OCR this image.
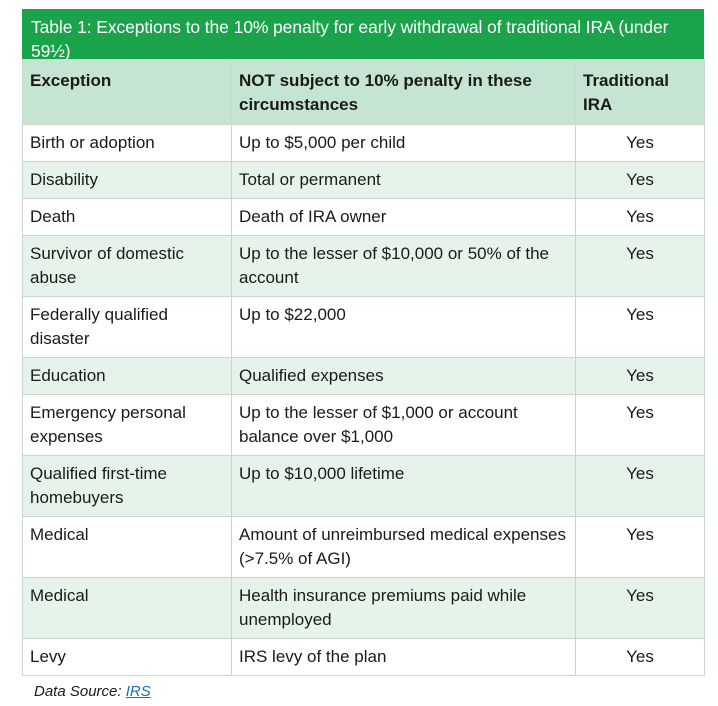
Table 1: Exceptions to the 10% penalty for early withdrawal of traditional IRA (under 59½)
Exception	NOT subject to 10% penalty in these circumstances	Traditional IRA
Birth or adoption	Up to $5,000 per child	Yes
Disability	Total or permanent	Yes
Death	Death of IRA owner	Yes
Survivor of domestic abuse	Up to the lesser of $10,000 or 50% of the account	Yes
Federally qualified disaster	Up to $22,000	Yes
Education	Qualified expenses	Yes
Emergency personal expenses	Up to the lesser of $1,000 or account balance over $1,000	Yes
Qualified first-time homebuyers	Up to $10,000 lifetime	Yes
Medical	Amount of unreimbursed medical expenses (>7.5% of AGI)	Yes
Medical	Health insurance premiums paid while unemployed	Yes
Levy	IRS levy of the plan	Yes
Data Source: IRS
